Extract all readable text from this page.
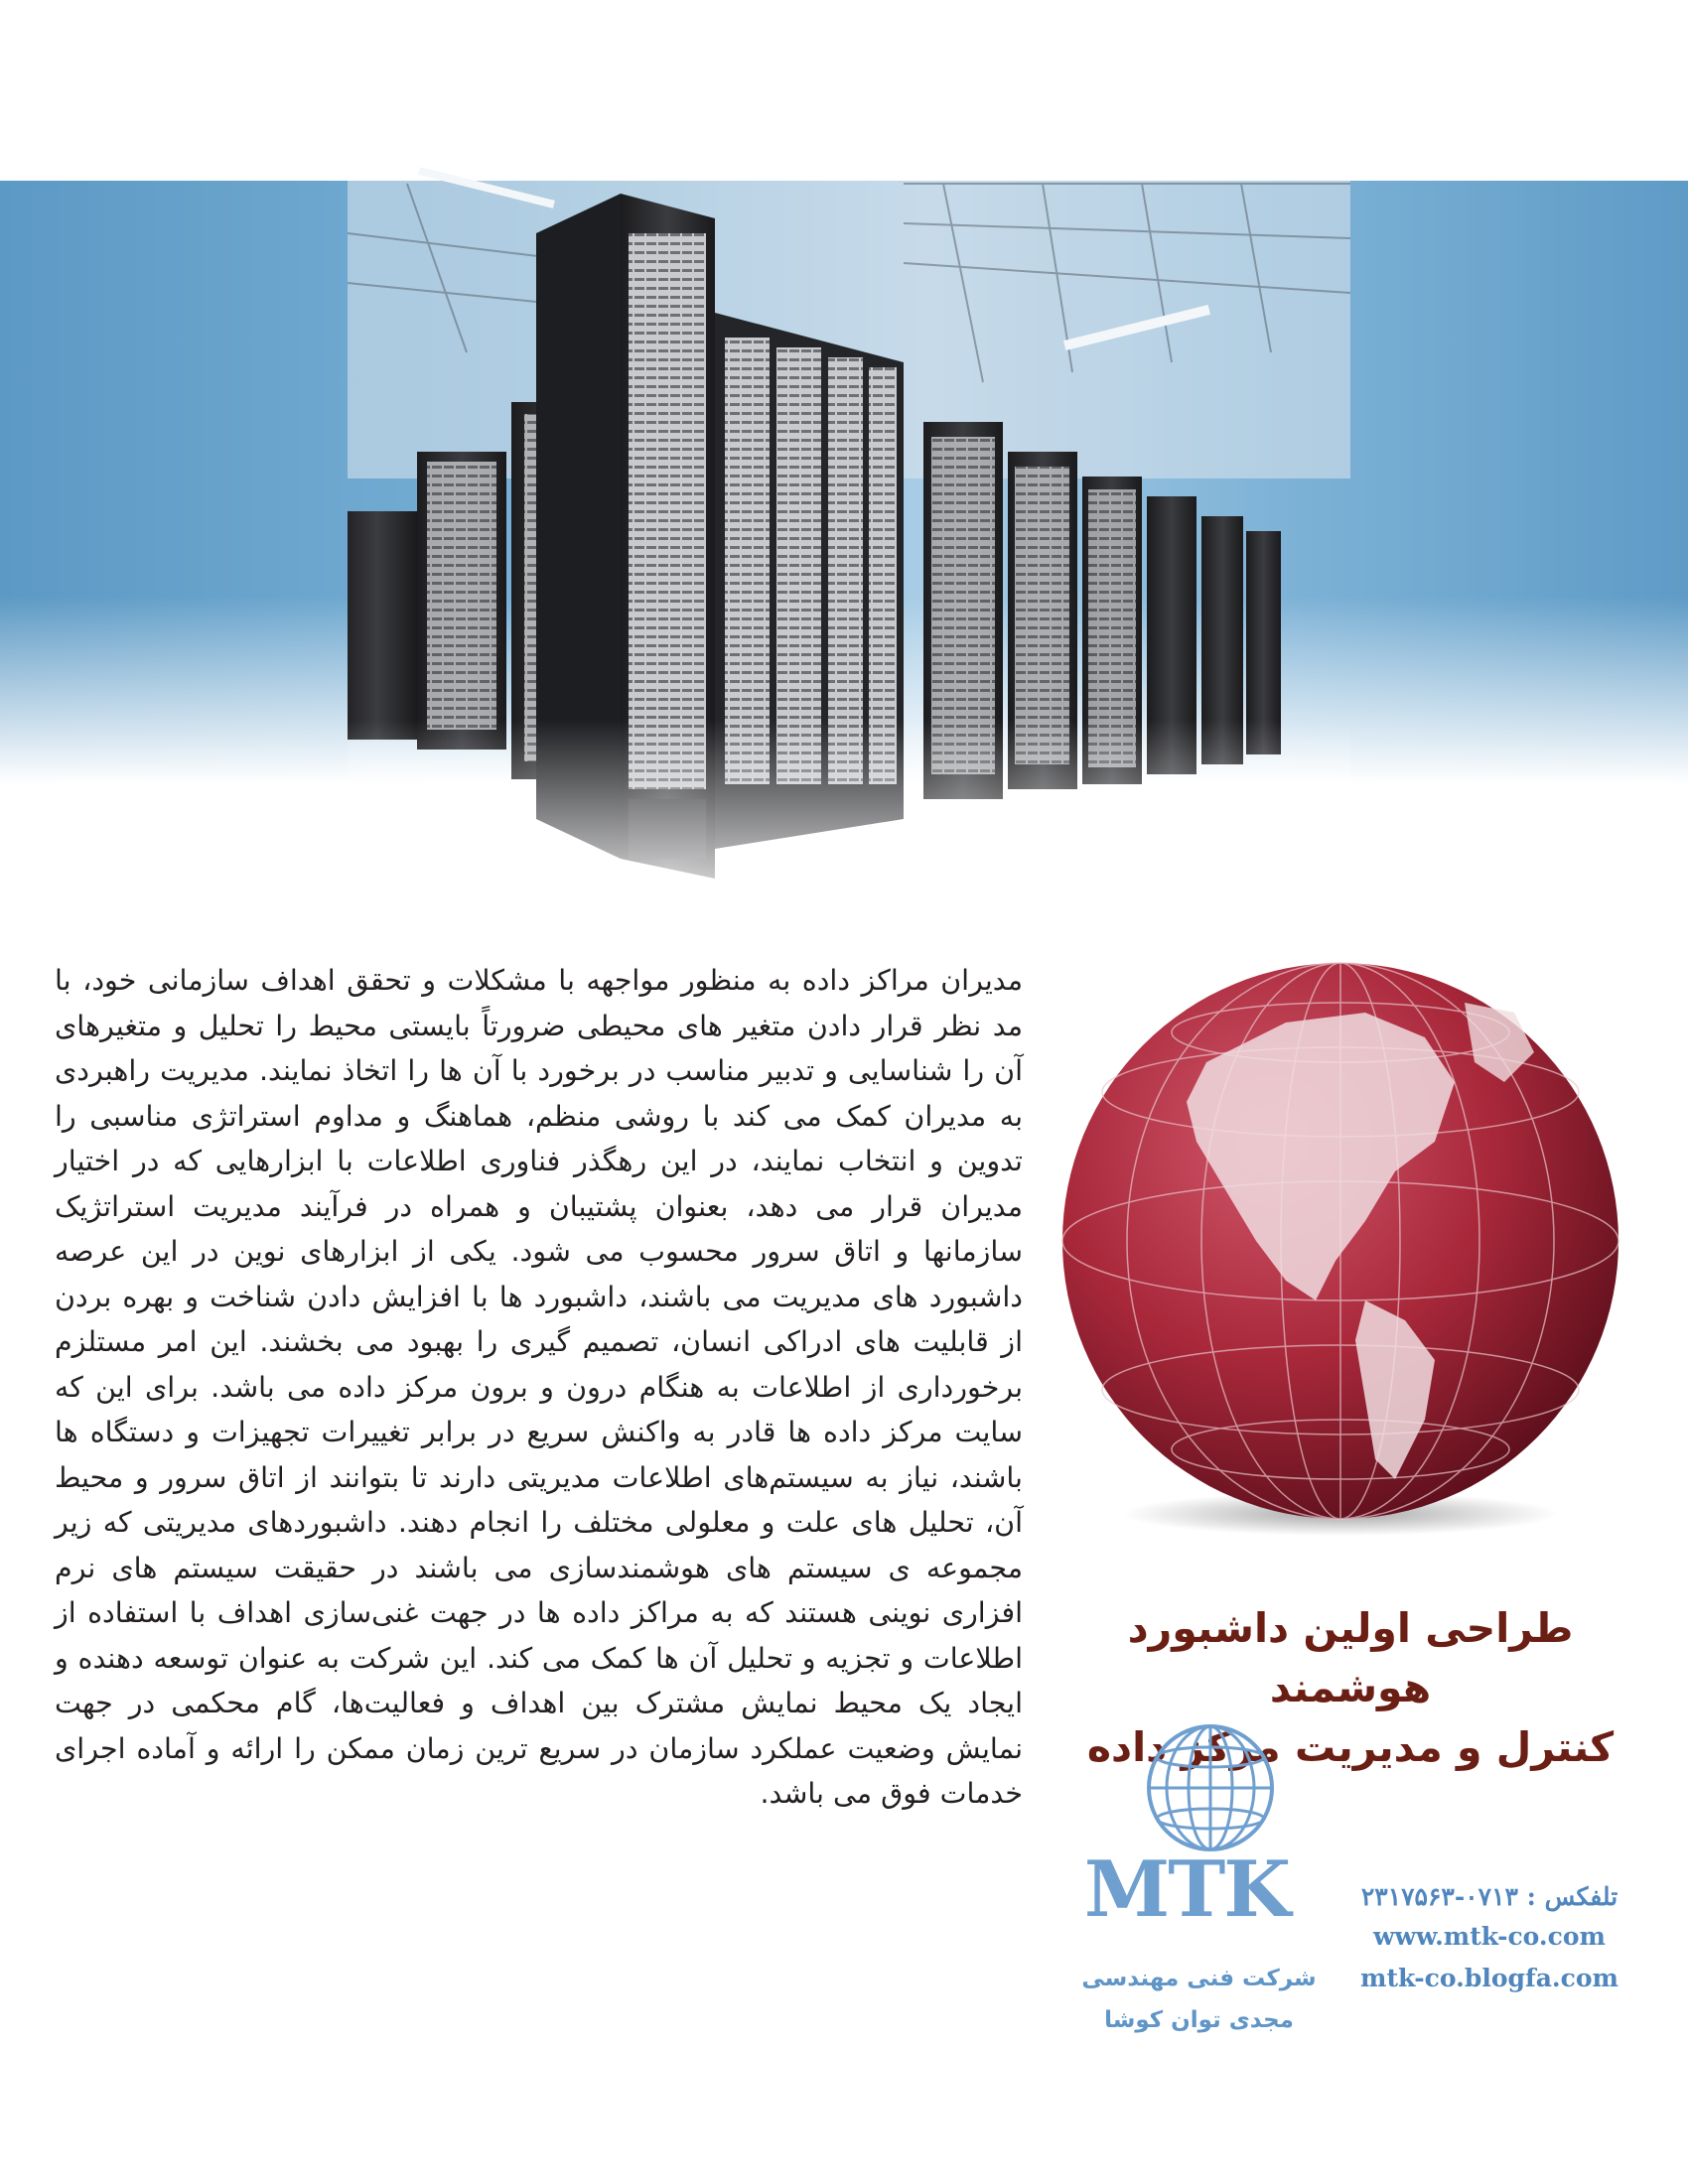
مدیران مراکز داده به منظور مواجهه با مشکلات و تحقق اهداف سازمانی خود، با مد نظر قرار دادن متغیر های محیطی ضرورتاً بایستی محیط را تحلیل و متغیرهای آن را شناسایی و تدبیر مناسب در برخورد با آن ها را اتخاذ نمایند. مدیریت راهبردی به مدیران کمک می کند با روشی منظم، هماهنگ و مداوم استراتژی مناسبی را تدوین و انتخاب نمایند، در این رهگذر فناوری اطلاعات با ابزارهایی که در اختیار مدیران قرار می دهد، بعنوان پشتیبان و همراه در فرآیند مدیریت استراتژیک سازمانها و اتاق سرور محسوب می شود. یکی از ابزارهای نوین در این عرصه داشبورد های مدیریت می باشند، داشبورد ها با افزایش دادن شناخت و بهره بردن از قابلیت های ادراکی انسان، تصمیم گیری را بهبود می بخشند. این امر مستلزم برخورداری از اطلاعات به هنگام درون و برون مرکز داده می باشد. برای این که سایت مرکز داده ها قادر به واکنش سریع در برابر تغییرات تجهیزات و دستگاه ها باشند، نیاز به سیستم‌های اطلاعات مدیریتی دارند تا بتوانند از اتاق سرور و محیط آن، تحلیل های علت و معلولی مختلف را انجام دهند. داشبوردهای مدیریتی که زیر مجموعه ی سیستم های هوشمندسازی می باشند در حقیقت سیستم های نرم افزاری نوینی هستند که به مراکز داده ها در جهت غنی‌سازی اهداف با استفاده از اطلاعات و تجزیه و تحلیل آن ها کمک می کند. این شرکت به عنوان توسعه دهنده و ایجاد یک محیط نمایش مشترک بین اهداف و فعالیت‌ها، گام محکمی در جهت نمایش وضعیت عملکرد سازمان در سریع ترین زمان ممکن را ارائه و آماده اجرای خدمات فوق می باشد.
طراحی اولین داشبورد هوشمند
کنترل و مدیریت مرکز داده
MTK
شرکت فنی مهندسی
مجدی توان کوشا
تلفکس : ۰۷۱۳-۲۳۱۷۵۶۳
www.mtk-co.com
mtk-co.blogfa.com
